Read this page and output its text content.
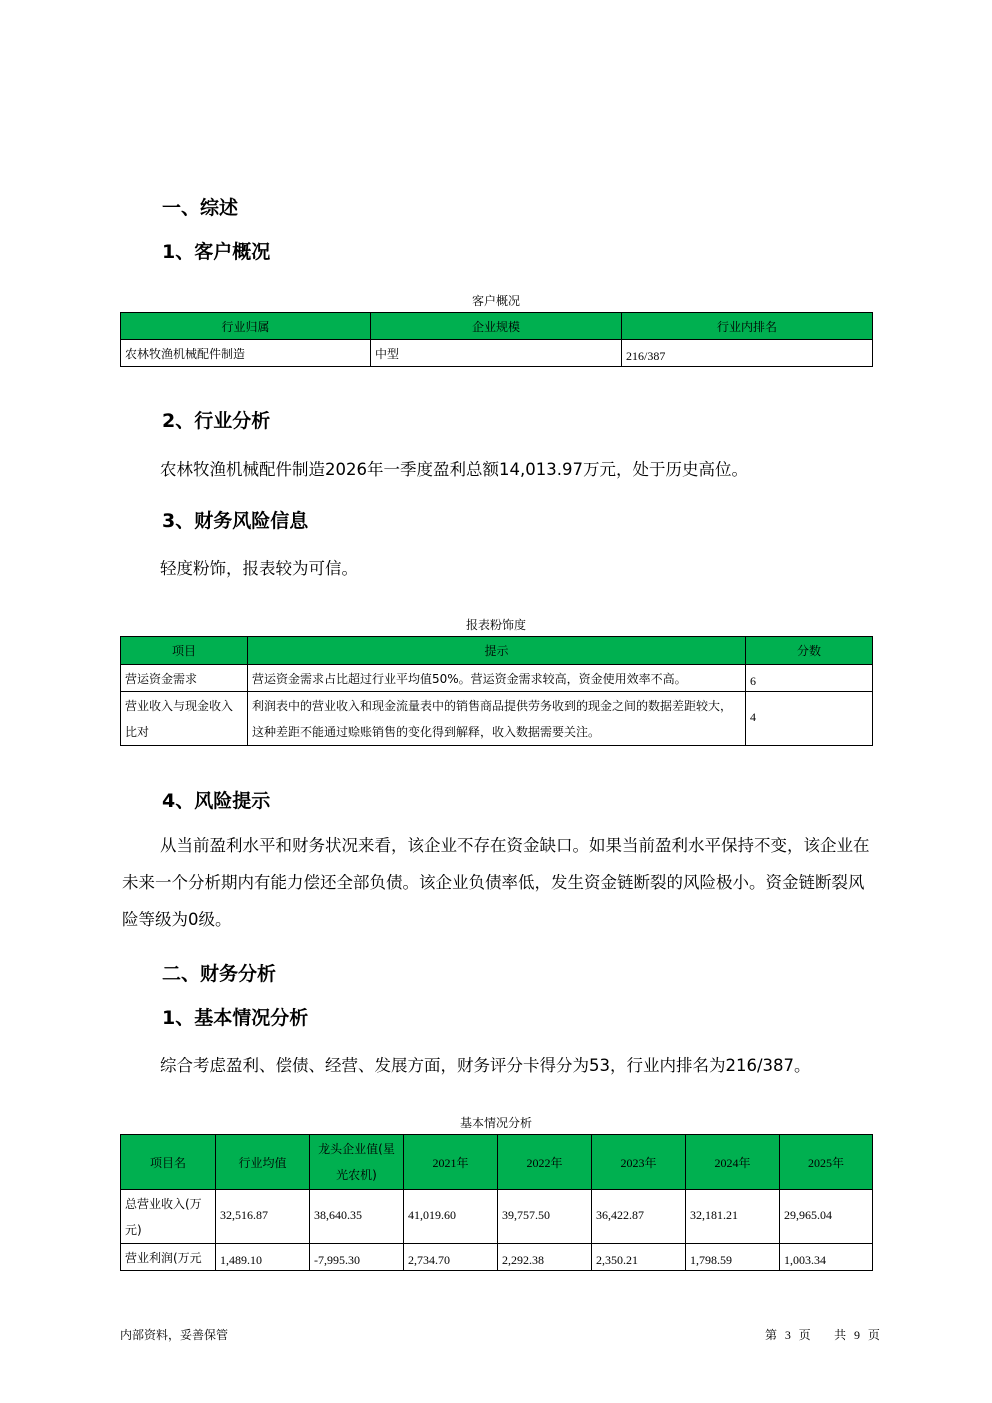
一、综述
1、客户概况
客户概况
行业归属	企业规模	行业内排名
农林牧渔机械配件制造	中型	216/387
2、行业分析
农林牧渔机械配件制造2026年一季度盈利总额14,013.97万元，处于历史高位。
3、财务风险信息
轻度粉饰，报表较为可信。
报表粉饰度
项目	提示	分数
营运资金需求	营运资金需求占比超过行业平均值50%。营运资金需求较高，资金使用效率不高。	6
营业收入与现金收入比对	利润表中的营业收入和现金流量表中的销售商品提供劳务收到的现金之间的数据差距较大，这种差距不能通过赊账销售的变化得到解释，收入数据需要关注。	4
4、风险提示
从当前盈利水平和财务状况来看，该企业不存在资金缺口。如果当前盈利水平保持不变，该企业在未来一个分析期内有能力偿还全部负债。该企业负债率低，发生资金链断裂的风险极小。资金链断裂风险等级为0级。
二、财务分析
1、基本情况分析
综合考虑盈利、偿债、经营、发展方面，财务评分卡得分为53，行业内排名为216/387。
基本情况分析
项目名	行业均值	龙头企业值(星光农机)	2021年	2022年	2023年	2024年	2025年
总营业收入(万元)	32,516.87	38,640.35	41,019.60	39,757.50	36,422.87	32,181.21	29,965.04
营业利润(万元	1,489.10	-7,995.30	2,734.70	2,292.38	2,350.21	1,798.59	1,003.34
内部资料，妥善保管	第 3 页 共 9 页
